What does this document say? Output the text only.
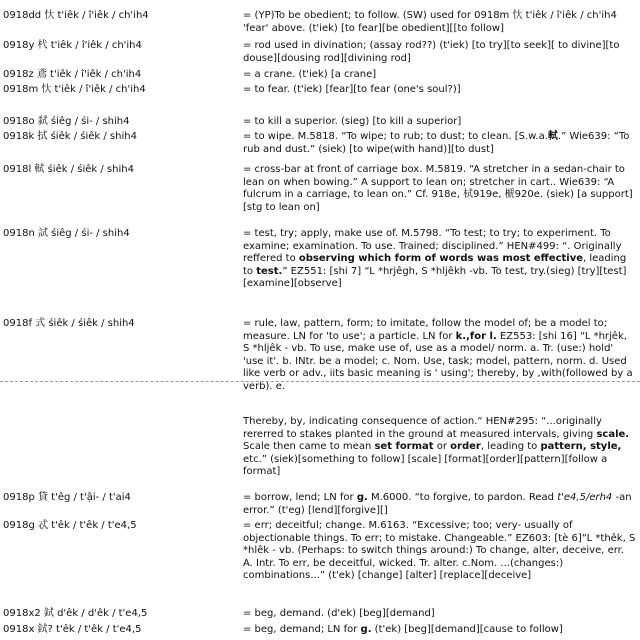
0918dd 忕 t'iêk / î'iêk / ch'ih4	= (YP)To be obedient; to follow. (SW) used for 0918m 忕 t'iêk / î'iêk / ch'ih4 'fear' above. (t'iek) [to fear][be obedient][[to follow]
0918y 杙 t'iêk / î'iêk / ch'ih4	= rod used in divination; (assay rod??) (t'iek) [to try][to seek][ to divine][to douse][dousing rod][divining rod]
0918z 鳶 t'iêk / î'iêk / ch'ih4	= a crane. (t'iek) [a crane]
0918m 忕 t'iêk / î'iêk / ch'ih4	= to fear. (t'iek) [fear][to fear (one's soul?)]
0918o 弑 śiêg / śi- / shih4	= to kill a superior. (sieg) [to kill a superior]
0918k 拭 śiêk / śiêk / shih4	= to wipe. M.5818. “To wipe; to rub; to dust; to clean. [S.w.a.軾.” Wie639: “To rub and dust.” (siek) [to wipe(with hand)][to dust]
0918l 軾 śiêk / śiêk / shih4	= cross-bar at front of carriage box. M.5819. “A stretcher in a sedan-chair to lean on when bowing.” A support to lean on; stretcher in cart.. Wie639: “A fulcrum in a carriage, to lean on.” Cf. 918e, 栻919e, 榹920e. (siek) [a support][stg to lean on]
0918n 試 śiêg / śi- / shih4	= test, try; apply, make use of. M.5798. “To test; to try; to experiment. To examine; examination. To use. Trained; disciplined.” HEN#499: “. Originally reffered to observing which form of words was most effective, leading to test.” EZ551: [shi 7] “L *hrjêgh, S *hljêkh -vb. To test, try.(sieg) [try][test][examine][observe]
0918f 式 śiêk / śiêk / shih4	= rule, law, pattern, form; to imitate, follow the model of; be a model to; measure. LN for 'to use'; a particle. LN for k.,for l. EZ553: [shi 16] “L *hrjêk, S *hljêk - vb. To use, make use of, use as a model/ norm. a. Tr. (use:) hold' 'use it'. b. INtr. be a model; c. Nom. Use, task; model, pattern, norm. d. Used like verb or adv., iits basic meaning is ' using'; thereby, by ,with(followed by a verb). e.
Thereby, by, indicating consequence of action.“ HEN#295: “...originally rererred to stakes planted in the ground at measured intervals, giving scale. Scale then came to mean set format or order, leading to pattern, style, etc.” (siek)[something to follow] [scale] [format][order][pattern][follow a format]
0918p 貸 t'êg / t'ậi- / t'ai4	= borrow, lend; LN for g. M.6000. “to forgive, to pardon. Read t'e4,5/erh4 -an error.” (t'eg) [lend][forgive][]
0918g 忒 t'êk / t'êk / t'e4,5	= err; deceitful; change. M.6163. “Excessive; too; very- usually of objectionable things. To err; to mistake. Changeable.” EZ603: [tè 6]“L *thêk, S *hlêk - vb. (Perhaps: to switch things around:) To change, alter, deceive, err. A. Intr. To err, be deceitful, wicked. Tr. alter. c.Nom. ...(changes:) combinations...” (t'ek) [change] [alter] [replace][deceive]
0918x2 鉽 d'êk / d'êk / t'e4,5	= beg, demand. (d'ek) [beg][demand]
0918x 鉽? t'êk / t'êk / t'e4,5	= beg, demand; LN for g. (t'ek) [beg][demand][cause to follow]
